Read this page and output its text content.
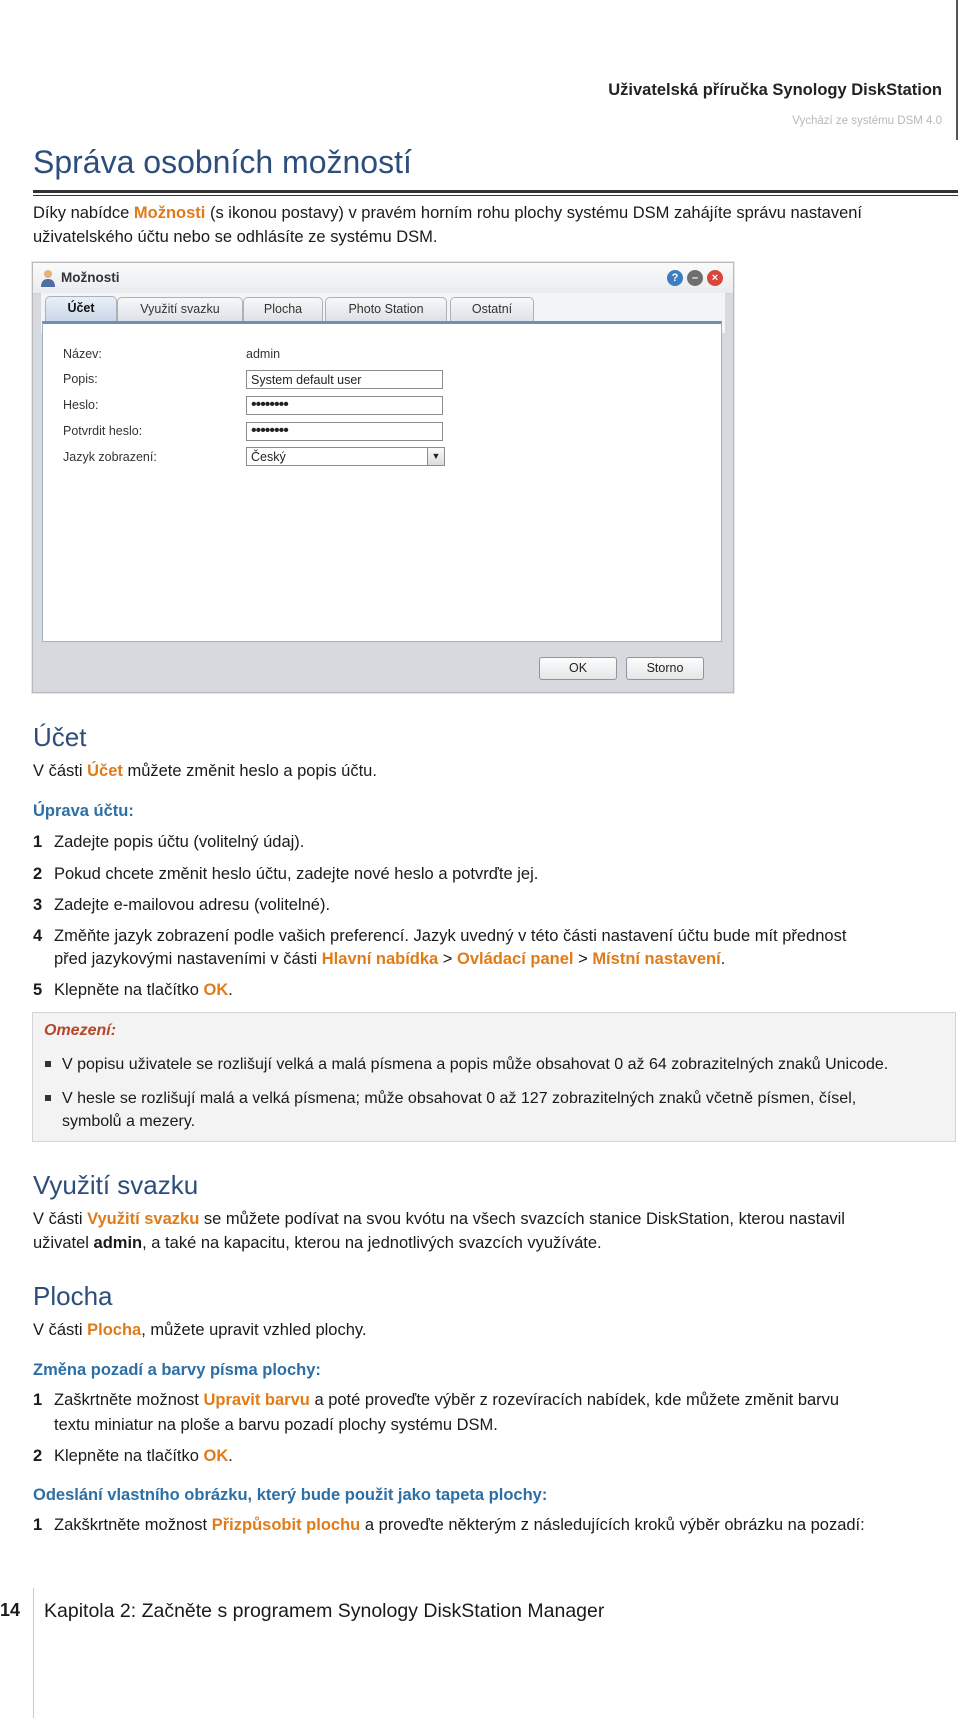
Uživatelská příručka Synology DiskStation
Vychází ze systému DSM 4.0
Správa osobních možností
Díky nabídce Možnosti (s ikonou postavy) v pravém horním rohu plochy systému DSM zahájíte správu nastavení uživatelského účtu nebo se odhlásíte ze systému DSM.
Možnosti	?	–	×
Účet	Využití svazku	Plocha	Photo Station	Ostatní
Název:	admin
Popis:	System default user
Heslo:	••••••••
Potvrdit heslo:	••••••••
Jazyk zobrazení:	Český	▼
OK	Storno
Účet
V části Účet můžete změnit heslo a popis účtu.
Úprava účtu:
1 Zadejte popis účtu (volitelný údaj).
2 Pokud chcete změnit heslo účtu, zadejte nové heslo a potvrďte jej.
3 Zadejte e-mailovou adresu (volitelné).
4 Změňte jazyk zobrazení podle vašich preferencí. Jazyk uvedný v této části nastavení účtu bude mít přednost
před jazykovými nastaveními v části Hlavní nabídka > Ovládací panel > Místní nastavení.
5 Klepněte na tlačítko OK.
Omezení:
V popisu uživatele se rozlišují velká a malá písmena a popis může obsahovat 0 až 64 zobrazitelných znaků Unicode.
V hesle se rozlišují malá a velká písmena; může obsahovat 0 až 127 zobrazitelných znaků včetně písmen, čísel,
symbolů a mezery.
Využití svazku
V části Využití svazku se můžete podívat na svou kvótu na všech svazcích stanice DiskStation, kterou nastavil
uživatel admin, a také na kapacitu, kterou na jednotlivých svazcích využíváte.
Plocha
V části Plocha, můžete upravit vzhled plochy.
Změna pozadí a barvy písma plochy:
1 Zaškrtněte možnost Upravit barvu a poté proveďte výběr z rozevíracích nabídek, kde můžete změnit barvu
textu miniatur na ploše a barvu pozadí plochy systému DSM.
2 Klepněte na tlačítko OK.
Odeslání vlastního obrázku, který bude použit jako tapeta plochy:
1 Zakškrtněte možnost Přizpůsobit plochu a proveďte některým z následujících kroků výběr obrázku na pozadí:
14 Kapitola 2: Začněte s programem Synology DiskStation Manager
